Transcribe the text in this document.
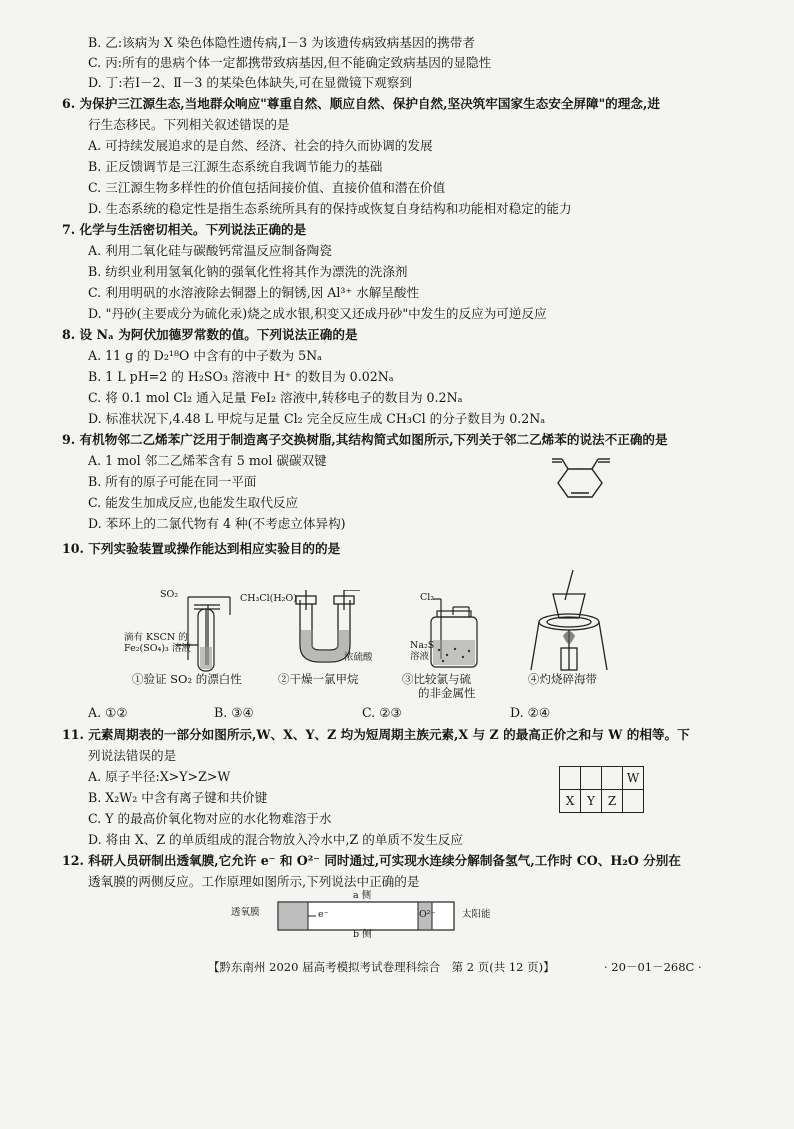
B. 乙:该病为 X 染色体隐性遗传病,Ⅰ－3 为该遗传病致病基因的携带者
C. 丙:所有的患病个体一定都携带致病基因,但不能确定致病基因的显隐性
D. 丁:若Ⅰ－2、Ⅱ－3 的某染色体缺失,可在显微镜下观察到
6. 为保护三江源生态,当地群众响应"尊重自然、顺应自然、保护自然,坚决筑牢国家生态安全屏障"的理念,进
行生态移民。下列相关叙述错误的是
A. 可持续发展追求的是自然、经济、社会的持久而协调的发展
B. 正反馈调节是三江源生态系统自我调节能力的基础
C. 三江源生物多样性的价值包括间接价值、直接价值和潜在价值
D. 生态系统的稳定性是指生态系统所具有的保持或恢复自身结构和功能相对稳定的能力
7. 化学与生活密切相关。下列说法正确的是
A. 利用二氧化硅与碳酸钙常温反应制备陶瓷
B. 纺织业利用氢氧化钠的强氧化性将其作为漂洗的洗涤剂
C. 利用明矾的水溶液除去铜器上的铜锈,因 Al³⁺ 水解呈酸性
D. "丹砂(主要成分为硫化汞)烧之成水银,积变又还成丹砂"中发生的反应为可逆反应
8. 设 Nₐ 为阿伏加德罗常数的值。下列说法正确的是
A. 11 g 的 D₂¹⁸O 中含有的中子数为 5Nₐ
B. 1 L pH=2 的 H₂SO₃ 溶液中 H⁺ 的数目为 0.02Nₐ
C. 将 0.1 mol Cl₂ 通入足量 FeI₂ 溶液中,转移电子的数目为 0.2Nₐ
D. 标准状况下,4.48 L 甲烷与足量 Cl₂ 完全反应生成 CH₃Cl 的分子数目为 0.2Nₐ
9. 有机物邻二乙烯苯广泛用于制造离子交换树脂,其结构简式如图所示,下列关于邻二乙烯苯的说法不正确的是
A. 1 mol 邻二乙烯苯含有 5 mol 碳碳双键
B. 所有的原子可能在同一平面
C. 能发生加成反应,也能发生取代反应
D. 苯环上的二氯代物有 4 种(不考虑立体异构)
10. 下列实验装置或操作能达到相应实验目的的是
SO₂
滴有 KSCN 的
Fe₂(SO₄)₃ 溶液
CH₃Cl(H₂O)
浓硫酸
Cl₂
Na₂S
溶液
①验证 SO₂ 的漂白性	②干燥一氯甲烷	③比较氯与硫
的非金属性
④灼烧碎海带
A. ①②	B. ③④	C. ②③	D. ②④
11. 元素周期表的一部分如图所示,W、X、Y、Z 均为短周期主族元素,X 与 Z 的最高正价之和与 W 的相等。下
列说法错误的是
A. 原子半径:X>Y>Z>W
B. X₂W₂ 中含有离子键和共价键
C. Y 的最高价氧化物对应的水化物难溶于水
D. 将由 X、Z 的单质组成的混合物放入冷水中,Z 的单质不发生反应
			W
X	Y	Z	
12. 科研人员研制出透氧膜,它允许 e⁻ 和 O²⁻ 同时通过,可实现水连续分解制备氢气,工作时 CO、H₂O 分别在
透氧膜的两侧反应。工作原理如图所示,下列说法中正确的是
透氧膜
a 侧
b 侧
e⁻	O²⁻	太阳能
【黔东南州 2020 届高考模拟考试卷理科综合　第 2 页(共 12 页)】	· 20－01－268C ·
